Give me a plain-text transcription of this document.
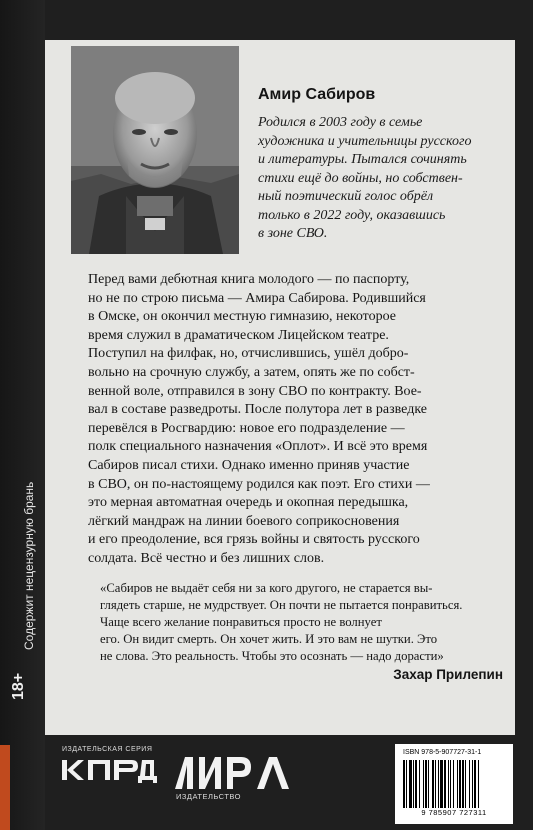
Содержит нецензурную брань
18+
Амир Сабиров
Родился в 2003 году в семье
художника и учительницы русского
и литературы. Пытался сочинять
стихи ещё до войны, но собствен-
ный поэтический голос обрёл
только в 2022 году, оказавшись
в зоне СВО.
Перед вами дебютная книга молодого — по паспорту,
но не по строю письма — Амира Сабирова. Родившийся
в Омске, он окончил местную гимназию, некоторое
время служил в драматическом Лицейском театре.
Поступил на филфак, но, отчислившись, ушёл добро-
вольно на срочную службу, а затем, опять же по собст-
венной воле, отправился в зону СВО по контракту. Вое-
вал в составе разведроты. После полутора лет в разведке
перевёлся в Росгвардию: новое его подразделение —
полк специального назначения «Оплот». И всё это время
Сабиров писал стихи. Однако именно приняв участие
в СВО, он по-настоящему родился как поэт. Его стихи —
это мерная автоматная очередь и окопная передышка,
лёгкий мандраж на линии боевого соприкосновения
и его преодоление, вся грязь войны и святость русского
солдата. Всё честно и без лишних слов.
«Сабиров не выдаёт себя ни за кого другого, не старается вы-
глядеть старше, не мудрствует. Он почти не пытается понравиться.
Чаще всего желание понравиться просто не волнует
его. Он видит смерть. Он хочет жить. И это вам не шутки. Это
не слова. Это реальность. Чтобы это осознать — надо дорасти»
Захар Прилепин
ИЗДАТЕЛЬСКАЯ СЕРИЯ
ИЗДАТЕЛЬСТВО
ISBN 978-5-907727-31-1
9 785907 727311
